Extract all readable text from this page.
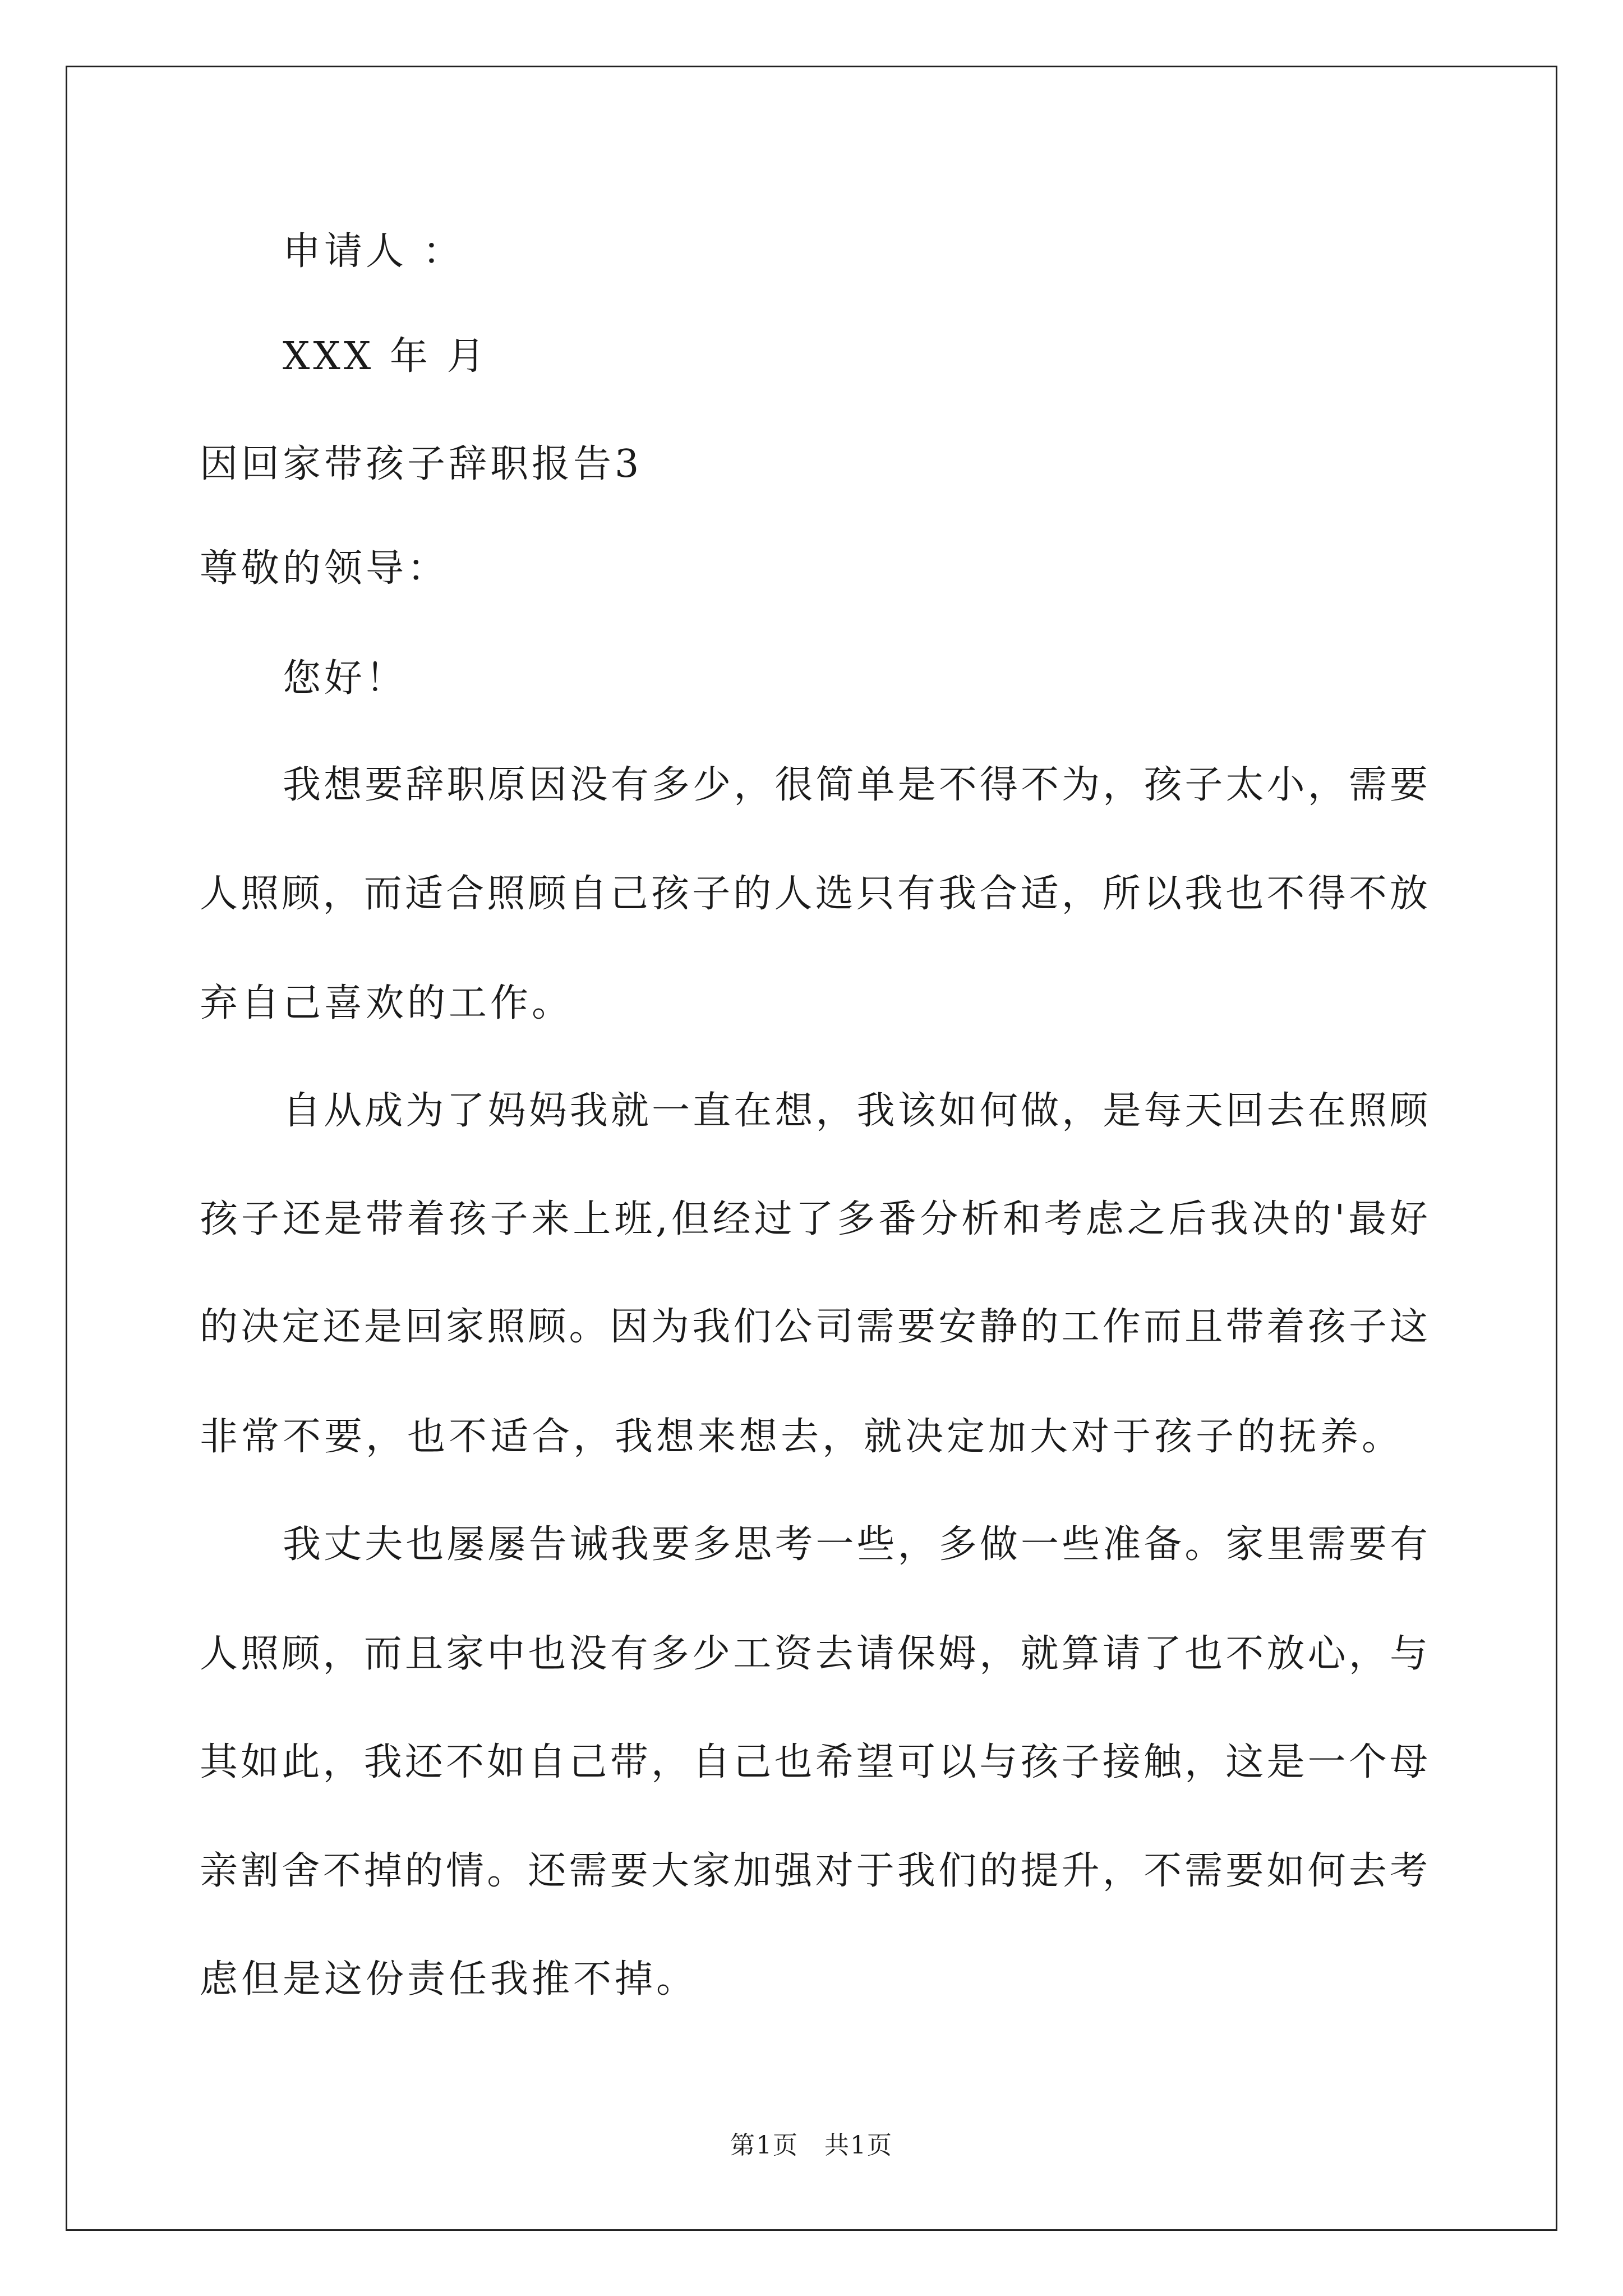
申请人 ：
XXX 年 月
因回家带孩子辞职报告3
尊敬的领导：
您好！
我想要辞职原因没有多少，很简单是不得不为，孩子太小，需要
人照顾，而适合照顾自己孩子的人选只有我合适，所以我也不得不放
弃自己喜欢的工作。
自从成为了妈妈我就一直在想，我该如何做，是每天回去在照顾
孩子还是带着孩子来上班,但经过了多番分析和考虑之后我决的'最好
的决定还是回家照顾。因为我们公司需要安静的工作而且带着孩子这
非常不要，也不适合，我想来想去，就决定加大对于孩子的抚养。
我丈夫也屡屡告诫我要多思考一些，多做一些准备。家里需要有
人照顾，而且家中也没有多少工资去请保姆，就算请了也不放心，与
其如此，我还不如自己带，自己也希望可以与孩子接触，这是一个母
亲割舍不掉的情。还需要大家加强对于我们的提升，不需要如何去考
虑但是这份责任我推不掉。
第1页　共1页
